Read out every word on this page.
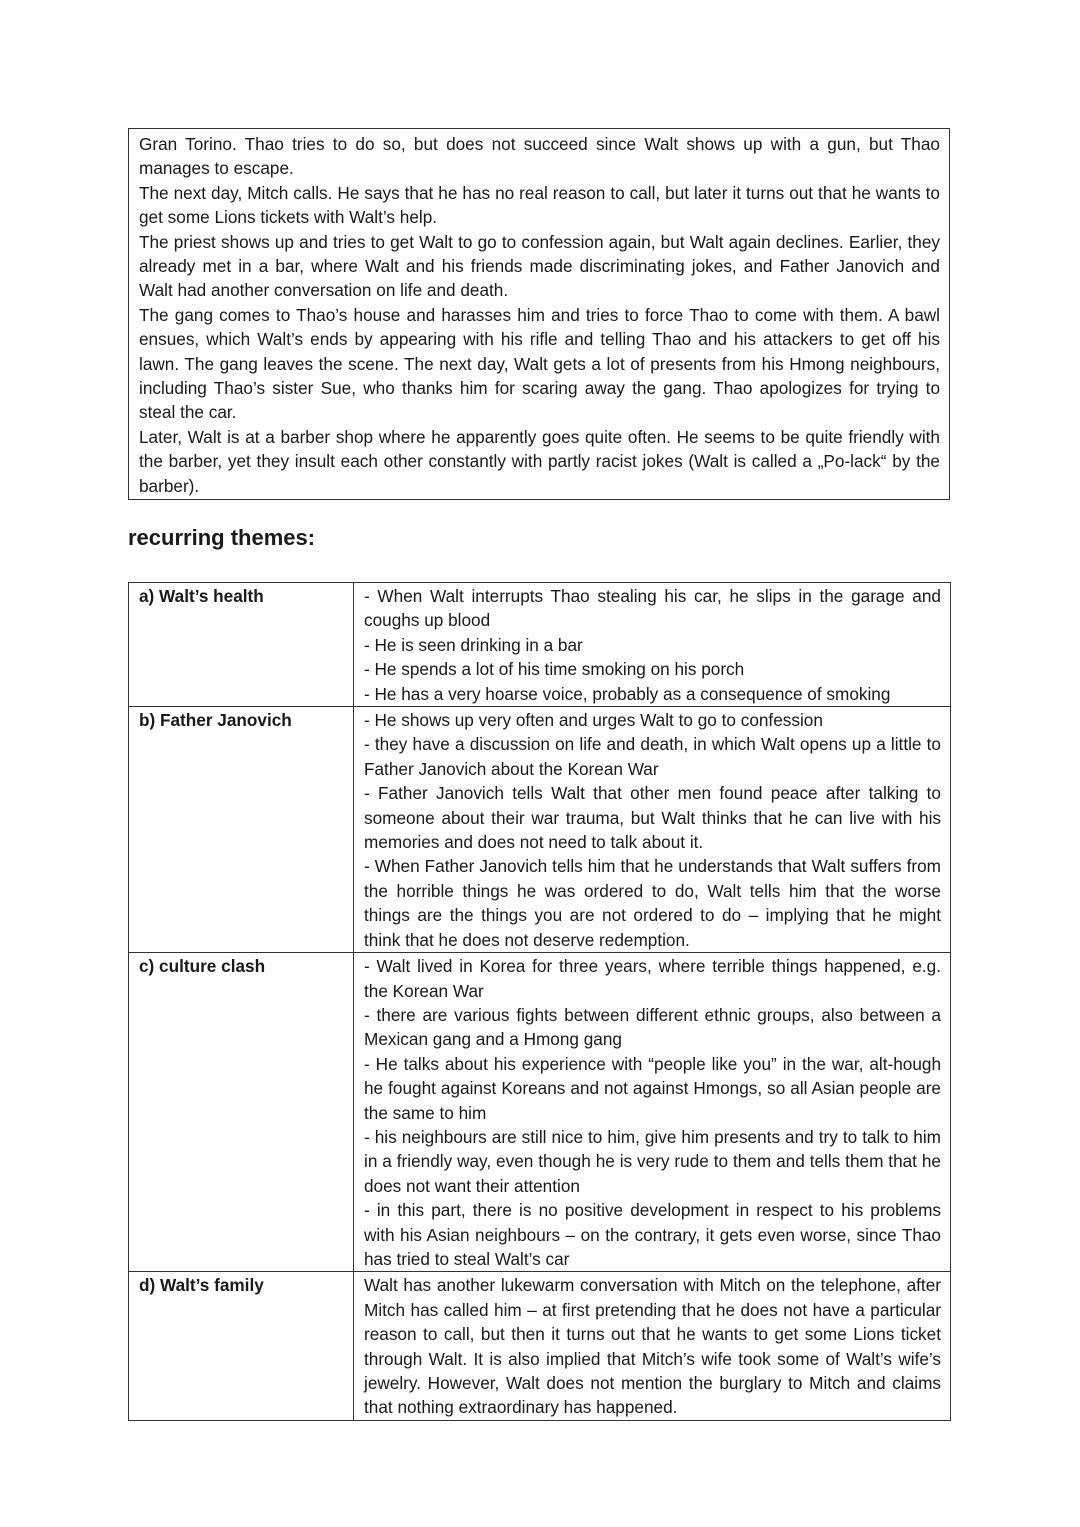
Gran Torino. Thao tries to do so, but does not succeed since Walt shows up with a gun, but Thao manages to escape.

The next day, Mitch calls. He says that he has no real reason to call, but later it turns out that he wants to get some Lions tickets with Walt’s help.

The priest shows up and tries to get Walt to go to confession again, but Walt again declines. Earlier, they already met in a bar, where Walt and his friends made discriminating jokes, and Father Janovich and Walt had another conversation on life and death.

The gang comes to Thao’s house and harasses him and tries to force Thao to come with them. A bawl ensues, which Walt’s ends by appearing with his rifle and telling Thao and his attackers to get off his lawn. The gang leaves the scene. The next day, Walt gets a lot of presents from his Hmong neighbours, including Thao’s sister Sue, who thanks him for scaring away the gang. Thao apologizes for trying to steal the car.

Later, Walt is at a barber shop where he apparently goes quite often. He seems to be quite friendly with the barber, yet they insult each other constantly with partly racist jokes (Walt is called a „Po-lack“ by the barber).

recurring themes:
a) Walt’s health	- When Walt interrupts Thao stealing his car, he slips in the garage and coughs up blood
- He is seen drinking in a bar
- He spends a lot of his time smoking on his porch
- He has a very hoarse voice, probably as a consequence of smoking

b) Father Janovich	- He shows up very often and urges Walt to go to confession
- they have a discussion on life and death, in which Walt opens up a little to Father Janovich about the Korean War
- Father Janovich tells Walt that other men found peace after talking to someone about their war trauma, but Walt thinks that he can live with his memories and does not need to talk about it.
- When Father Janovich tells him that he understands that Walt suffers from the horrible things he was ordered to do, Walt tells him that the worse things are the things you are not ordered to do – implying that he might think that he does not deserve redemption.

c) culture clash	- Walt lived in Korea for three years, where terrible things happened, e.g. the Korean War
- there are various fights between different ethnic groups, also between a Mexican gang and a Hmong gang
- He talks about his experience with “people like you” in the war, alt-hough he fought against Koreans and not against Hmongs, so all Asian people are the same to him
- his neighbours are still nice to him, give him presents and try to talk to him in a friendly way, even though he is very rude to them and tells them that he does not want their attention
- in this part, there is no positive development in respect to his problems with his Asian neighbours – on the contrary, it gets even worse, since Thao has tried to steal Walt’s car

d) Walt’s family	Walt has another lukewarm conversation with Mitch on the telephone, after Mitch has called him – at first pretending that he does not have a particular reason to call, but then it turns out that he wants to get some Lions ticket through Walt. It is also implied that Mitch’s wife took some of Walt’s wife’s jewelry. However, Walt does not mention the burglary to Mitch and claims that nothing extraordinary has happened.
